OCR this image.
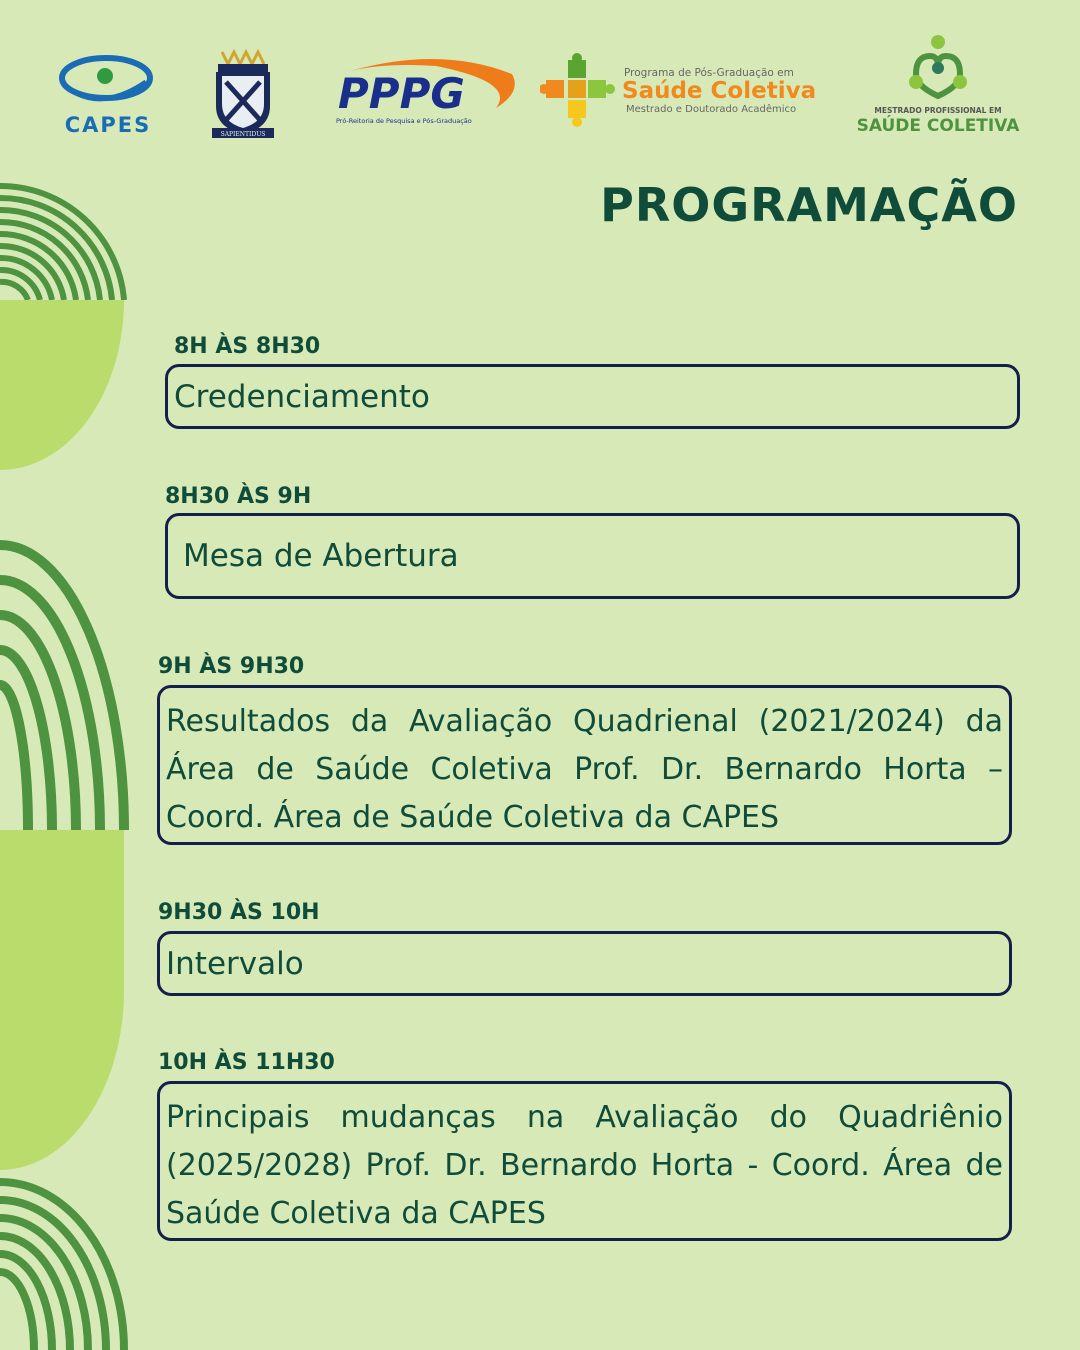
CAPES	SAPIENTIDUS
PPPG
Pró-Reitoria de Pesquisa e Pós-Graduação
Programa de Pós-Graduação em
Saúde Coletiva
Mestrado e Doutorado Acadêmico	MESTRADO PROFISSIONAL EM
SAÚDE COLETIVA
PROGRAMAÇÃO
8H ÀS 8H30
Credenciamento
8H30 ÀS 9H
Mesa de Abertura
9H ÀS 9H30
Resultados da Avaliação Quadrienal (2021/2024) da Área de Saúde Coletiva Prof. Dr. Bernardo Horta – Coord. Área de Saúde Coletiva da CAPES
9H30 ÀS 10H
Intervalo
10H ÀS 11H30
Principais mudanças na Avaliação do Quadriênio (2025/2028) Prof. Dr. Bernardo Horta - Coord. Área de Saúde Coletiva da CAPES
